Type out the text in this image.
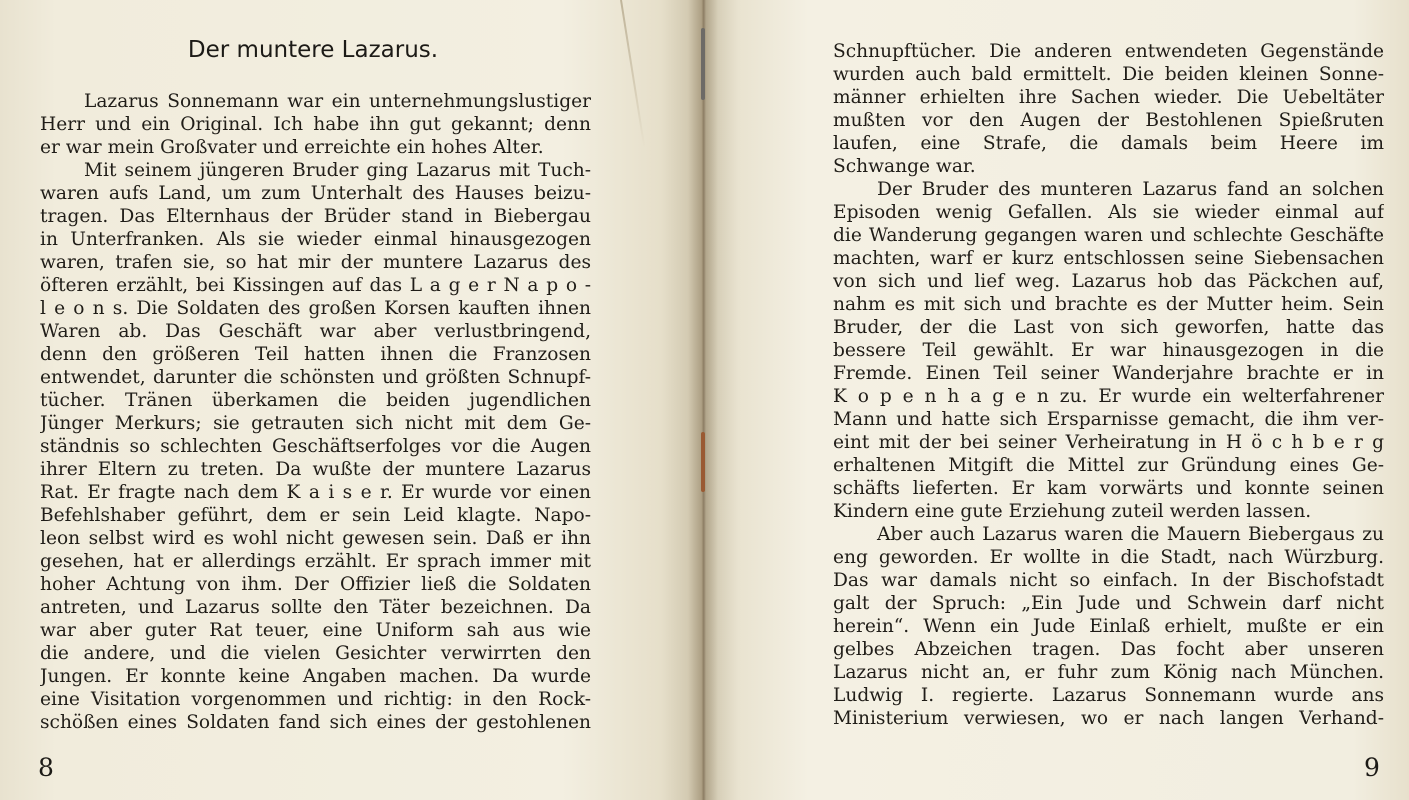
Der muntere Lazarus.
Lazarus Sonnemann war ein unternehmungslustiger
Herr und ein Original. Ich habe ihn gut gekannt; denn
er war mein Großvater und erreichte ein hohes Alter.
Mit seinem jüngeren Bruder ging Lazarus mit Tuch-
waren aufs Land, um zum Unterhalt des Hauses beizu-
tragen. Das Elternhaus der Brüder stand in Biebergau
in Unterfranken. Als sie wieder einmal hinausgezogen
waren, trafen sie, so hat mir der muntere Lazarus des
öfteren erzählt, bei Kissingen auf das L a g e r N a p o -
l e o n s. Die Soldaten des großen Korsen kauften ihnen
Waren ab. Das Geschäft war aber verlustbringend,
denn den größeren Teil hatten ihnen die Franzosen
entwendet, darunter die schönsten und größten Schnupf-
tücher. Tränen überkamen die beiden jugendlichen
Jünger Merkurs; sie getrauten sich nicht mit dem Ge-
ständnis so schlechten Geschäftserfolges vor die Augen
ihrer Eltern zu treten. Da wußte der muntere Lazarus
Rat. Er fragte nach dem K a i s e r. Er wurde vor einen
Befehlshaber geführt, dem er sein Leid klagte. Napo-
leon selbst wird es wohl nicht gewesen sein. Daß er ihn
gesehen, hat er allerdings erzählt. Er sprach immer mit
hoher Achtung von ihm. Der Offizier ließ die Soldaten
antreten, und Lazarus sollte den Täter bezeichnen. Da
war aber guter Rat teuer, eine Uniform sah aus wie
die andere, und die vielen Gesichter verwirrten den
Jungen. Er konnte keine Angaben machen. Da wurde
eine Visitation vorgenommen und richtig: in den Rock-
schößen eines Soldaten fand sich eines der gestohlenen
8
Schnupftücher. Die anderen entwendeten Gegenstände
wurden auch bald ermittelt. Die beiden kleinen Sonne-
männer erhielten ihre Sachen wieder. Die Uebeltäter
mußten vor den Augen der Bestohlenen Spießruten
laufen, eine Strafe, die damals beim Heere im
Schwange war.
Der Bruder des munteren Lazarus fand an solchen
Episoden wenig Gefallen. Als sie wieder einmal auf
die Wanderung gegangen waren und schlechte Geschäfte
machten, warf er kurz entschlossen seine Siebensachen
von sich und lief weg. Lazarus hob das Päckchen auf,
nahm es mit sich und brachte es der Mutter heim. Sein
Bruder, der die Last von sich geworfen, hatte das
bessere Teil gewählt. Er war hinausgezogen in die
Fremde. Einen Teil seiner Wanderjahre brachte er in
K o p e n h a g e n zu. Er wurde ein welterfahrener
Mann und hatte sich Ersparnisse gemacht, die ihm ver-
eint mit der bei seiner Verheiratung in H ö c h b e r g
erhaltenen Mitgift die Mittel zur Gründung eines Ge-
schäfts lieferten. Er kam vorwärts und konnte seinen
Kindern eine gute Erziehung zuteil werden lassen.
Aber auch Lazarus waren die Mauern Biebergaus zu
eng geworden. Er wollte in die Stadt, nach Würzburg.
Das war damals nicht so einfach. In der Bischofstadt
galt der Spruch: „Ein Jude und Schwein darf nicht
herein“. Wenn ein Jude Einlaß erhielt, mußte er ein
gelbes Abzeichen tragen. Das focht aber unseren
Lazarus nicht an, er fuhr zum König nach München.
Ludwig I. regierte. Lazarus Sonnemann wurde ans
Ministerium verwiesen, wo er nach langen Verhand-
9
